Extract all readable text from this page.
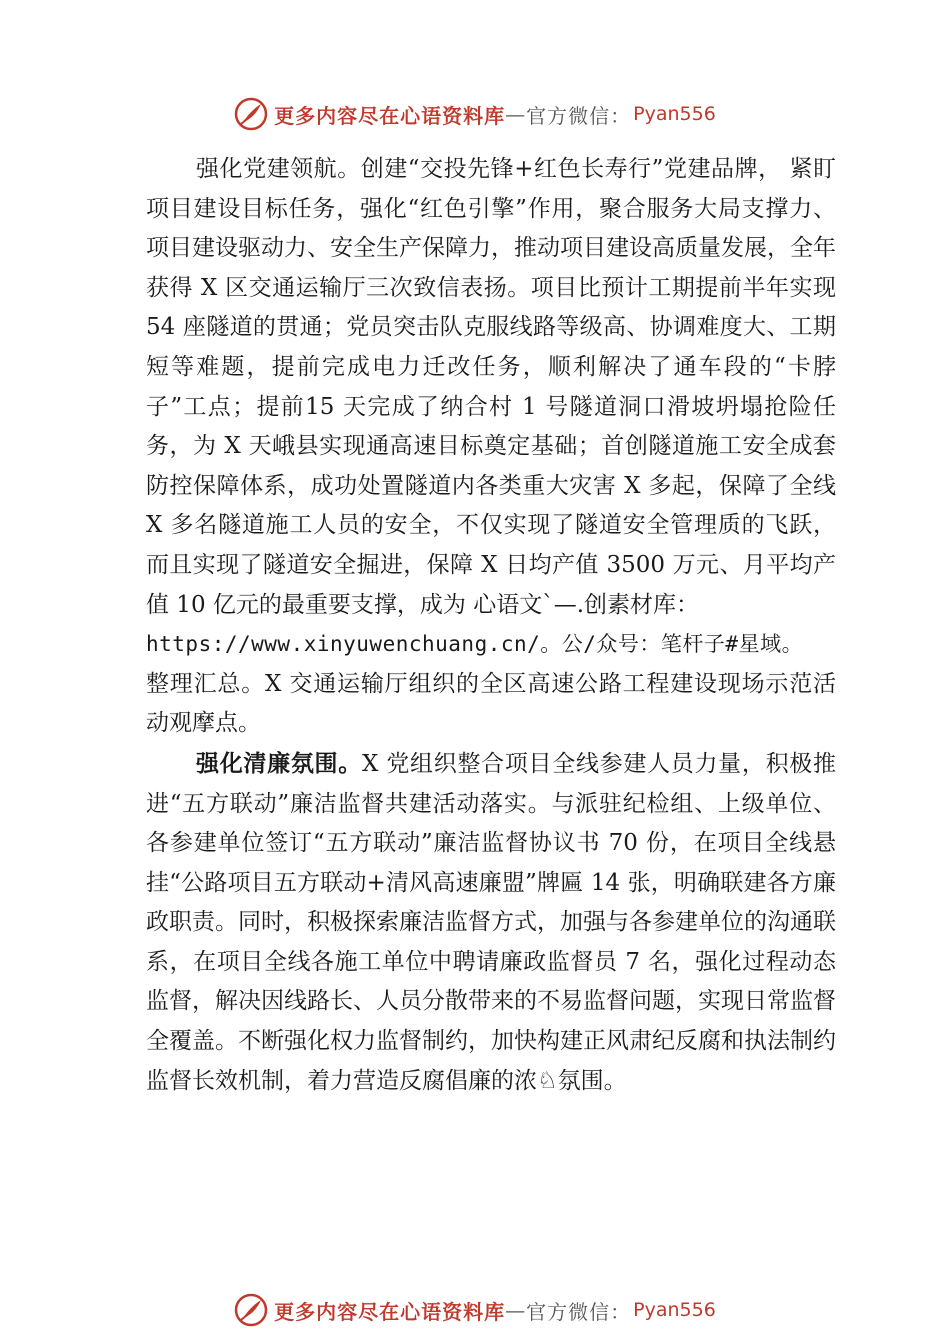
更多内容尽在心语资料库 — 官方微信： Pyan556

强化党建领航。创建“交投先锋+红色长寿行”党建品牌， 紧盯项目建设目标任务，强化“红色引擎”作用，聚合服务大局支撑力、项目建设驱动力、安全生产保障力，推动项目建设高质量发展，全年获得 X 区交通运输厅三次致信表扬。项目比预计工期提前半年实现 54 座隧道的贯通；党员突击队克服线路等级高、协调难度大、工期短等难题，提前完成电力迁改任务，顺利解决了通车段的“卡脖子”工点；提前15 天完成了纳合村 1 号隧道洞口滑坡坍塌抢险任务，为 X 天峨县实现通高速目标奠定基础；首创隧道施工安全成套防控保障体系，成功处置隧道内各类重大灾害 X 多起，保障了全线X 多名隧道施工人员的安全，不仅实现了隧道安全管理质的飞跃，而且实现了隧道安全掘进，保障 X 日均产值 3500 万元、月平均产值 10 亿元的最重要支撑，成为 心语文`—.创素材库：

https://www.xinyuwenchuang.cn/。公/众号：笔杆子#星域。

整理汇总。X 交通运输厅组织的全区高速公路工程建设现场示范活动观摩点。

强化清廉氛围。X 党组织整合项目全线参建人员力量，积极推进“五方联动”廉洁监督共建活动落实。与派驻纪检组、上级单位、各参建单位签订“五方联动”廉洁监督协议书 70 份，在项目全线悬挂“公路项目五方联动+清风高速廉盟”牌匾 14 张，明确联建各方廉政职责。同时，积极探索廉洁监督方式，加强与各参建单位的沟通联系，在项目全线各施工单位中聘请廉政监督员 7 名，强化过程动态监督，解决因线路长、人员分散带来的不易监督问题，实现日常监督全覆盖。不断强化权力监督制约，加快构建正风肃纪反腐和执法制约监督长效机制，着力营造反腐倡廉的浓♘氛围。

更多内容尽在心语资料库 — 官方微信： Pyan556
